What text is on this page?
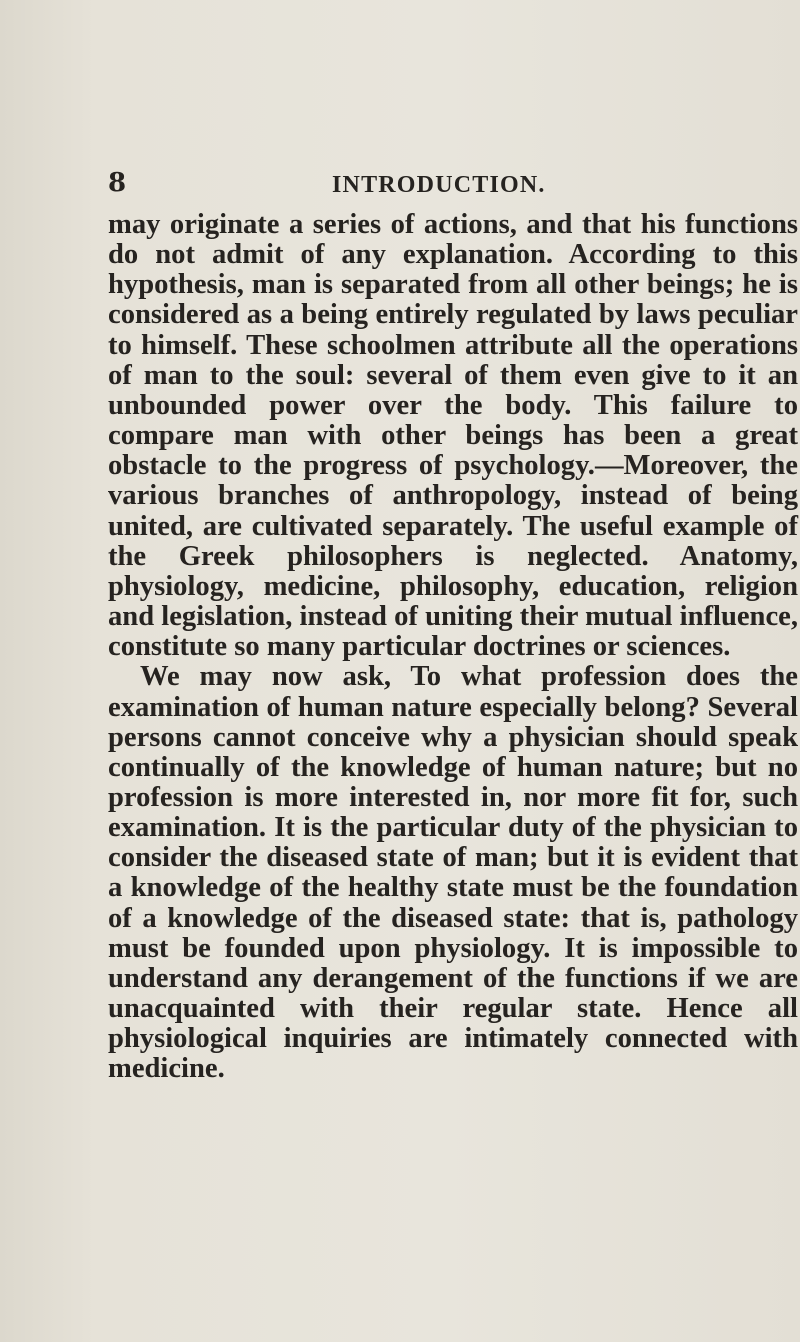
8	INTRODUCTION.

may originate a series of actions, and that his functions do not admit of any explanation. According to this hypothesis, man is separated from all other beings; he is considered as a being entirely regulated by laws peculiar to himself. These schoolmen attribute all the operations of man to the soul: several of them even give to it an unbounded power over the body. This failure to compare man with other beings has been a great obstacle to the progress of psychology.—Moreover, the various branches of anthropology, instead of being united, are cultivated separately. The useful example of the Greek philosophers is neglected. Anatomy, physiology, medicine, philosophy, education, religion and legislation, instead of uniting their mutual influence, constitute so many particular doctrines or sciences.

We may now ask, To what profession does the examination of human nature especially belong? Several persons cannot conceive why a physician should speak continually of the knowledge of human nature; but no profession is more interested in, nor more fit for, such examination. It is the particular duty of the physician to consider the diseased state of man; but it is evident that a knowledge of the healthy state must be the foundation of a knowledge of the diseased state: that is, pathology must be founded upon physiology. It is impossible to understand any derangement of the functions if we are unacquainted with their regular state. Hence all physiological inquiries are intimately connected with medicine.
